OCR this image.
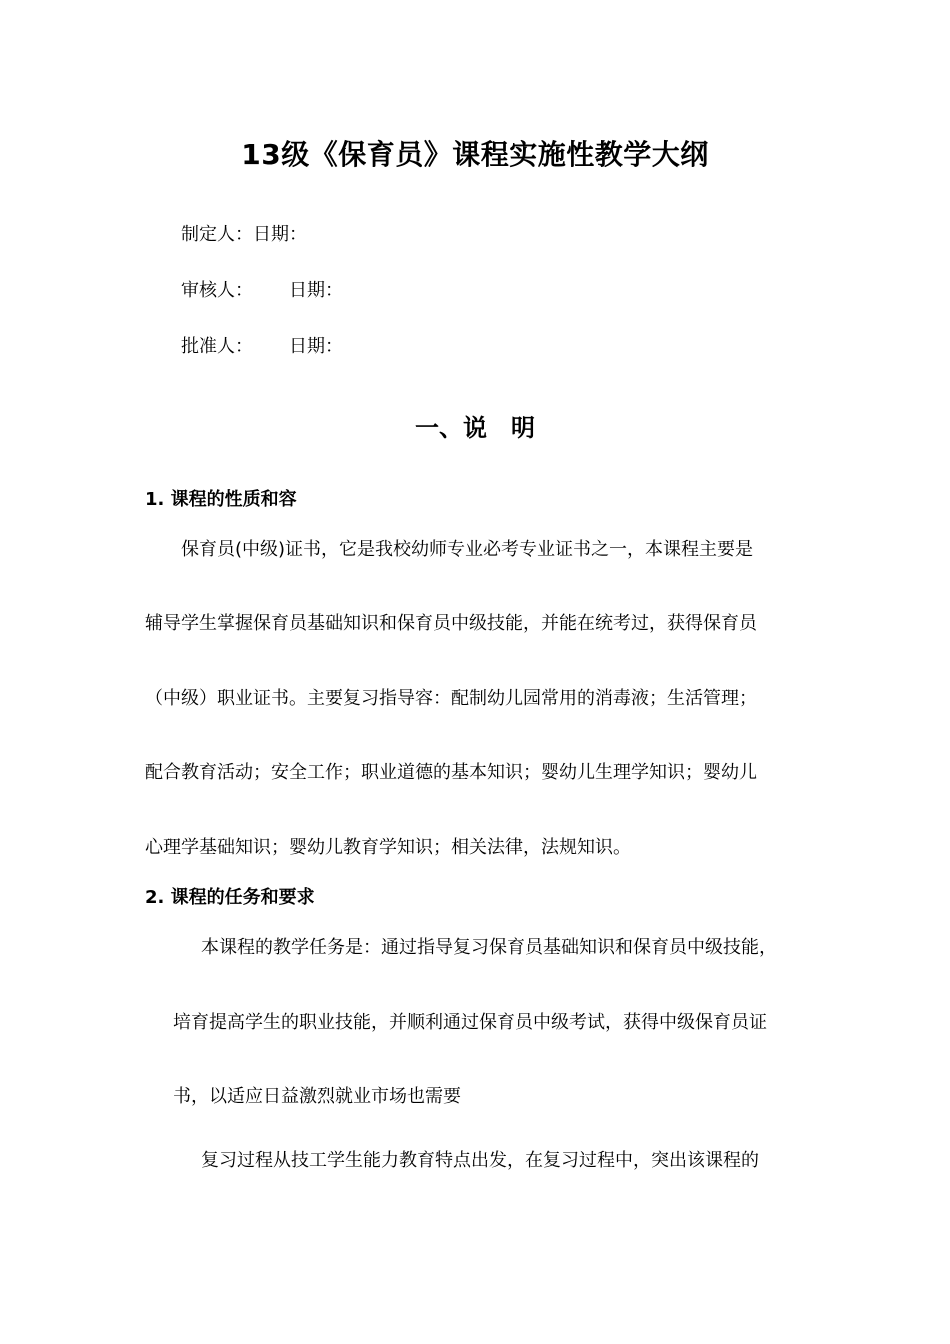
13级《保育员》课程实施性教学大纲
制定人：日期：
审核人： 日期：
批准人： 日期：
一、说　明
1. 课程的性质和容
保育员(中级)证书，它是我校幼师专业必考专业证书之一，本课程主要是
辅导学生掌握保育员基础知识和保育员中级技能，并能在统考过，获得保育员
（中级）职业证书。主要复习指导容：配制幼儿园常用的消毒液；生活管理；
配合教育活动；安全工作；职业道德的基本知识；婴幼儿生理学知识；婴幼儿
心理学基础知识；婴幼儿教育学知识；相关法律，法规知识。
2. 课程的任务和要求
本课程的教学任务是：通过指导复习保育员基础知识和保育员中级技能，
培育提高学生的职业技能，并顺利通过保育员中级考试，获得中级保育员证
书，以适应日益激烈就业市场也需要
复习过程从技工学生能力教育特点出发，在复习过程中，突出该课程的
